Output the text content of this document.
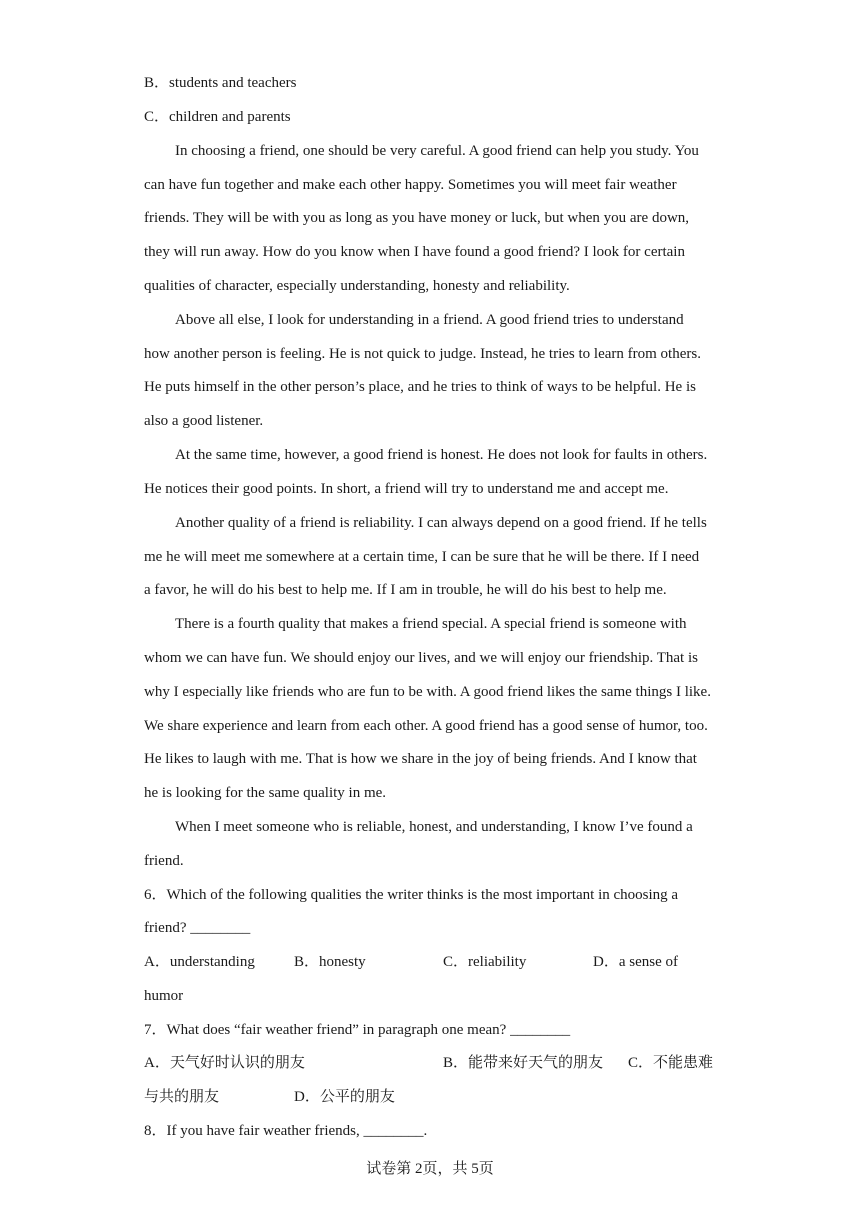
B．students and teachers
C．children and parents
In choosing a friend, one should be very careful. A good friend can help you study. You
can have fun together and make each other happy. Sometimes you will meet fair weather
friends. They will be with you as long as you have money or luck, but when you are down,
they will run away. How do you know when I have found a good friend? I look for certain
qualities of character, especially understanding, honesty and reliability.
Above all else, I look for understanding in a friend. A good friend tries to understand
how another person is feeling. He is not quick to judge. Instead, he tries to learn from others.
He puts himself in the other person’s place, and he tries to think of ways to be helpful. He is
also a good listener.
At the same time, however, a good friend is honest. He does not look for faults in others.
He notices their good points. In short, a friend will try to understand me and accept me.
Another quality of a friend is reliability. I can always depend on a good friend. If he tells
me he will meet me somewhere at a certain time, I can be sure that he will be there. If I need
a favor, he will do his best to help me. If I am in trouble, he will do his best to help me.
There is a fourth quality that makes a friend special. A special friend is someone with
whom we can have fun. We should enjoy our lives, and we will enjoy our friendship. That is
why I especially like friends who are fun to be with. A good friend likes the same things I like.
We share experience and learn from each other. A good friend has a good sense of humor, too.
He likes to laugh with me. That is how we share in the joy of being friends. And I know that
he is looking for the same quality in me.
When I meet someone who is reliable, honest, and understanding, I know I’ve found a
friend.
6．Which of the following qualities the writer thinks is the most important in choosing a
friend? ________
A．understanding	B．honesty	C．reliability	D．a sense of
humor
7．What does “fair weather friend” in paragraph one mean? ________
A．天气好时认识的朋友	B．能带来好天气的朋友 C．不能患难
与共的朋友	D．公平的朋友
8．If you have fair weather friends, ________.
试卷第 2页，共 5页
